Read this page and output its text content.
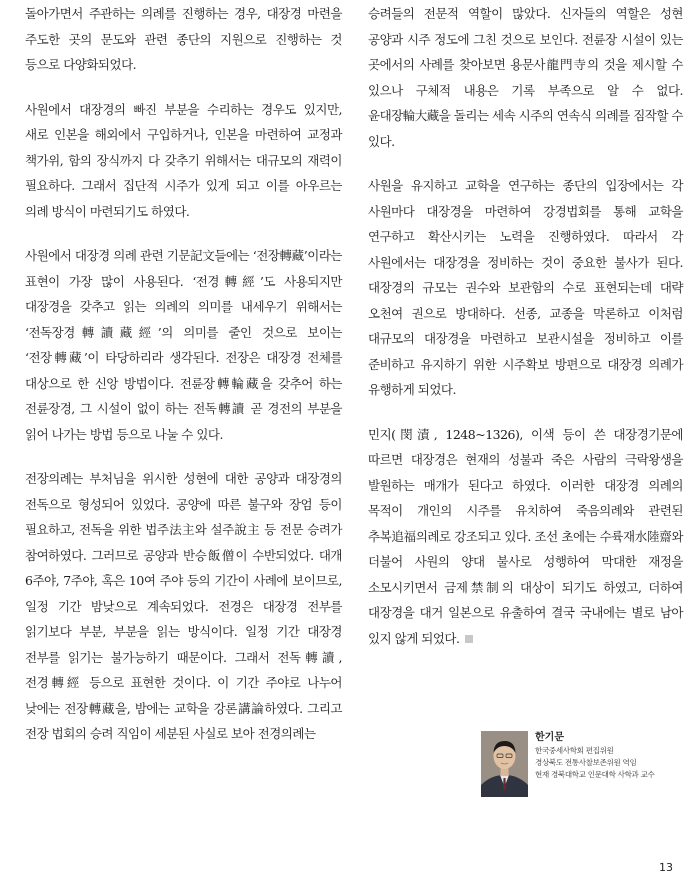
돌아가면서 주관하는 의례를 진행하는 경우, 대장경 마련을 주도한 곳의 문도와 관련 종단의 지원으로 진행하는 것 등으로 다양화되었다.

사원에서 대장경의 빠진 부분을 수리하는 경우도 있지만, 새로 인본을 해외에서 구입하거나, 인본을 마련하여 교정과 책가위, 함의 장식까지 다 갖추기 위해서는 대규모의 재력이 필요하다. 그래서 집단적 시주가 있게 되고 이를 아우르는 의례 방식이 마련되기도 하였다.

사원에서 대장경 의례 관련 기문記文들에는 ‘전장轉藏’이라는 표현이 가장 많이 사용된다. ‘전경轉經’도 사용되지만 대장경을 갖추고 읽는 의례의 의미를 내세우기 위해서는 ‘전독장경轉讀藏經’의 의미를 줄인 것으로 보이는 ‘전장轉藏’이 타당하리라 생각된다. 전장은 대장경 전체를 대상으로 한 신앙 방법이다. 전륜장轉輪藏을 갖추어 하는 전륜장경, 그 시설이 없이 하는 전독轉讀 곧 경전의 부분을 읽어 나가는 방법 등으로 나눌 수 있다.

전장의례는 부처님을 위시한 성현에 대한 공양과 대장경의 전독으로 형성되어 있었다. 공양에 따른 불구와 장엄 등이 필요하고, 전독을 위한 법주法主와 설주說主 등 전문 승려가 참여하였다. 그러므로 공양과 반승飯僧이 수반되었다. 대개 6주야, 7주야, 혹은 10여 주야 등의 기간이 사례에 보이므로, 일정 기간 밤낮으로 계속되었다. 전경은 대장경 전부를 읽기보다 부분, 부분을 읽는 방식이다. 일정 기간 대장경 전부를 읽기는 불가능하기 때문이다. 그래서 전독轉讀, 전경轉經 등으로 표현한 것이다. 이 기간 주야로 나누어 낮에는 전장轉藏을, 밤에는 교학을 강론講論하였다. 그리고 전장 법회의 승려 직임이 세분된 사실로 보아 전경의례는

승려들의 전문적 역할이 많았다. 신자들의 역할은 성현 공양과 시주 정도에 그친 것으로 보인다. 전륜장 시설이 있는 곳에서의 사례를 찾아보면 용문사龍門寺의 것을 제시할 수 있으나 구체적 내용은 기록 부족으로 알 수 없다. 윤대장輪大藏을 돌리는 세속 시주의 연속식 의례를 짐작할 수 있다.

사원을 유지하고 교학을 연구하는 종단의 입장에서는 각 사원마다 대장경을 마련하여 강경법회를 통해 교학을 연구하고 확산시키는 노력을 진행하였다. 따라서 각 사원에서는 대장경을 정비하는 것이 중요한 불사가 된다. 대장경의 규모는 권수와 보관함의 수로 표현되는데 대략 오천여 권으로 방대하다. 선종, 교종을 막론하고 이처럼 대규모의 대장경을 마련하고 보관시설을 정비하고 이를 준비하고 유지하기 위한 시주확보 방편으로 대장경 의례가 유행하게 되었다.

민지(閔漬, 1248~1326), 이색 등이 쓴 대장경기문에 따르면 대장경은 현재의 성불과 죽은 사람의 극락왕생을 발원하는 매개가 된다고 하였다. 이러한 대장경 의례의 목적이 개인의 시주를 유치하여 죽음의례와 관련된 추복追福의례로 강조되고 있다. 조선 초에는 수륙재水陸齋와 더불어 사원의 양대 불사로 성행하여 막대한 재정을 소모시키면서 금제禁制의 대상이 되기도 하였고, 더하여 대장경을 대거 일본으로 유출하여 결국 국내에는 별로 남아 있지 않게 되었다.

한기문
한국중세사학회 편집위원
경상북도 전통사찰보존위원 역임
현재 경북대학교 인문대학 사학과 교수
13
